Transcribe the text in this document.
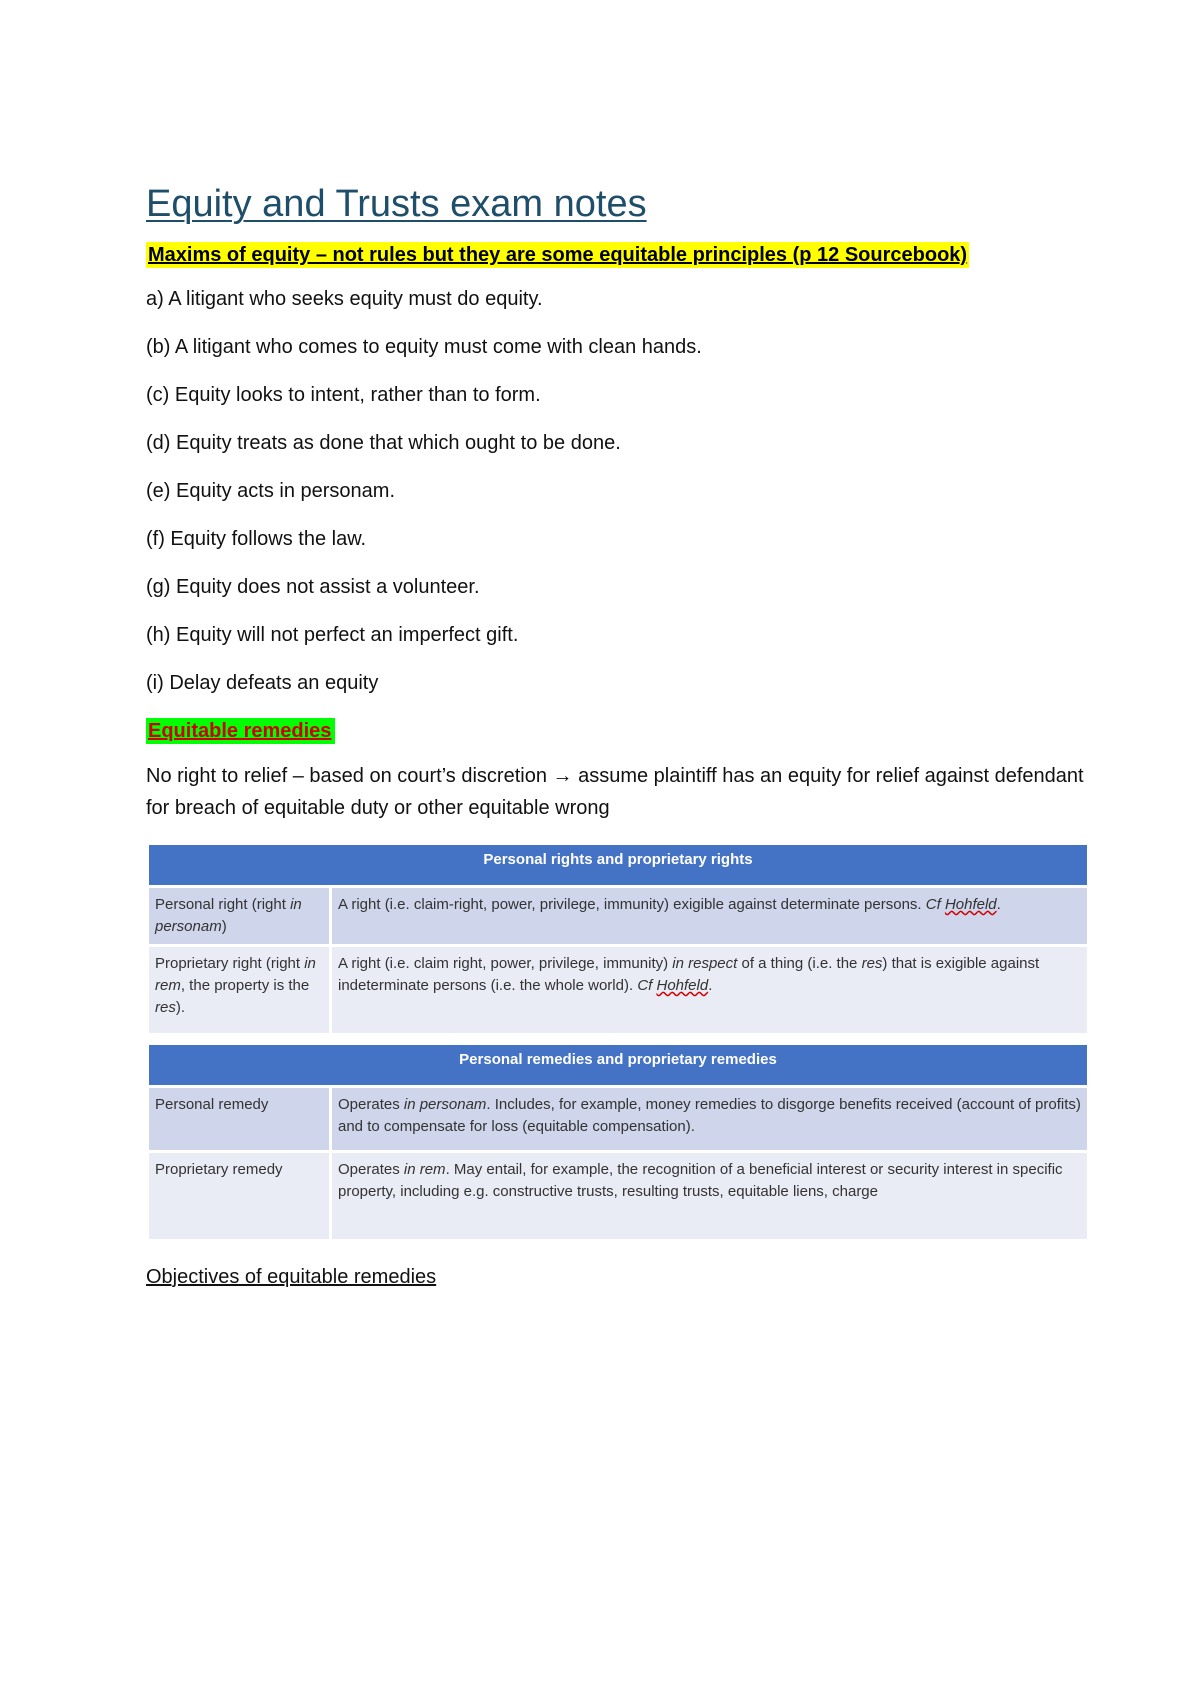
Equity and Trusts exam notes
Maxims of equity – not rules but they are some equitable principles (p 12 Sourcebook)

a) A litigant who seeks equity must do equity.

(b) A litigant who comes to equity must come with clean hands.

(c) Equity looks to intent, rather than to form.

(d) Equity treats as done that which ought to be done.

(e) Equity acts in personam.

(f) Equity follows the law.

(g) Equity does not assist a volunteer.

(h) Equity will not perfect an imperfect gift.

(i) Delay defeats an equity

Equitable remedies

No right to relief – based on court’s discretion → assume plaintiff has an equity for relief against defendant for breach of equitable duty or other equitable wrong

Personal rights and proprietary rights	
Personal right (right in personam)	A right (i.e. claim-right, power, privilege, immunity) exigible against determinate persons. Cf Hohfeld.
Proprietary right (right in rem, the property is the res).	A right (i.e. claim right, power, privilege, immunity) in respect of a thing (i.e. the res) that is exigible against indeterminate persons (i.e. the whole world). Cf Hohfeld.

Personal remedies and proprietary remedies	
Personal remedy	Operates in personam. Includes, for example, money remedies to disgorge benefits received (account of profits) and to compensate for loss (equitable compensation).
Proprietary remedy	Operates in rem. May entail, for example, the recognition of a beneficial interest or security interest in specific property, including e.g. constructive trusts, resulting trusts, equitable liens, charge

Objectives of equitable remedies
